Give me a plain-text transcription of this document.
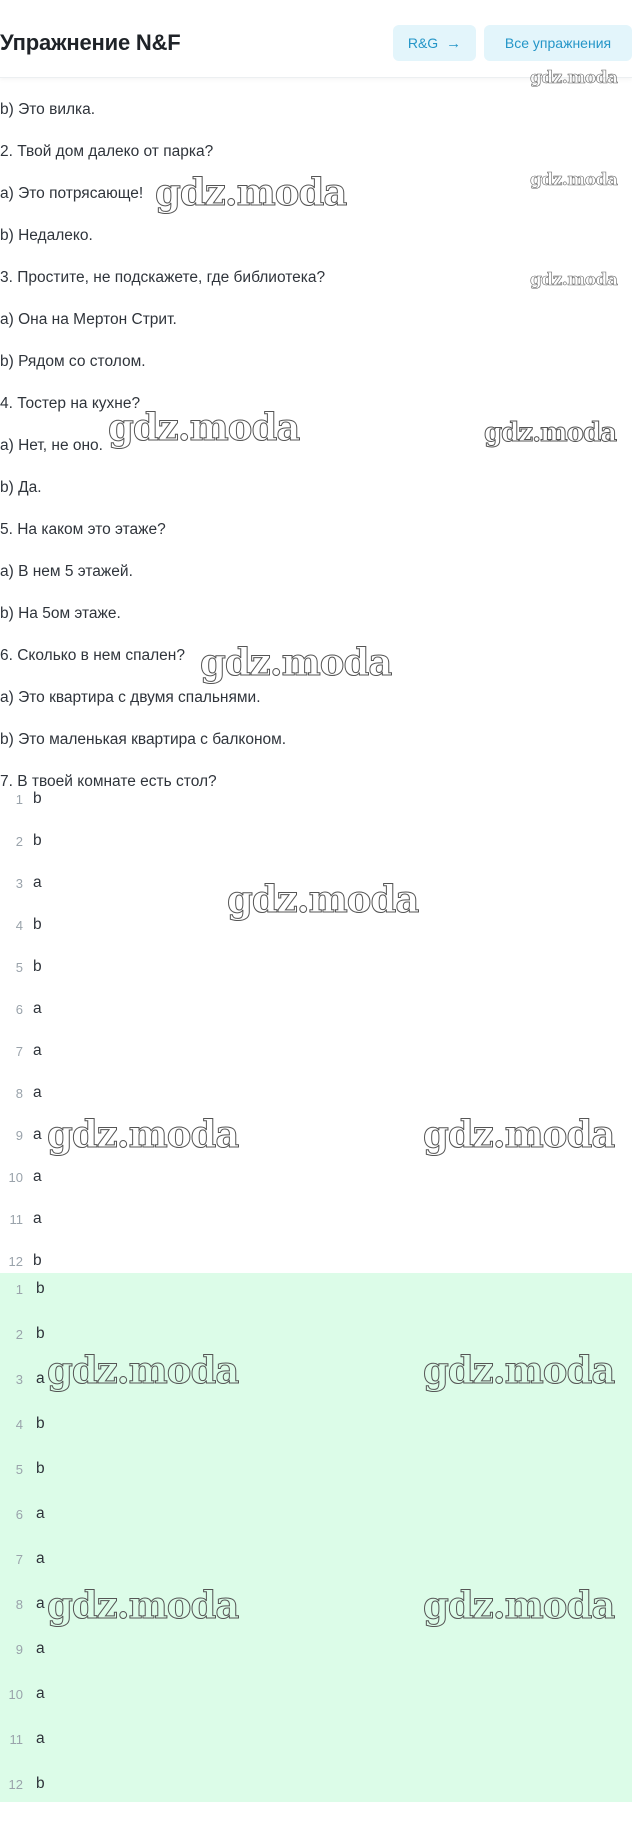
Упражнение N&F	R&G →	Все упражнения
b) Это вилка.
2. Твой дом далеко от парка?
a) Это потрясающе!
b) Недалеко.
3. Простите, не подскажете, где библиотека?
a) Она на Мертон Стрит.
b) Рядом со столом.
4. Тостер на кухне?
a) Нет, не оно.
b) Да.
5. На каком это этаже?
a) В нем 5 этажей.
b) На 5ом этаже.
6. Сколько в нем спален?
a) Это квартира с двумя спальнями.
b) Это маленькая квартира с балконом.
7. В твоей комнате есть стол?
1 b
2 b
3 a
4 b
5 b
6 a
7 a
8 a
9 a
10 a
11 a
12 b
1 b
2 b
3 a
4 b
5 b
6 a
7 a
8 a
9 a
10 a
11 a
12 b
gdz.moda
gdz.moda
gdz.moda
gdz.moda
gdz.moda	gdz.moda
gdz.moda
gdz.moda
gdz.moda	gdz.moda
